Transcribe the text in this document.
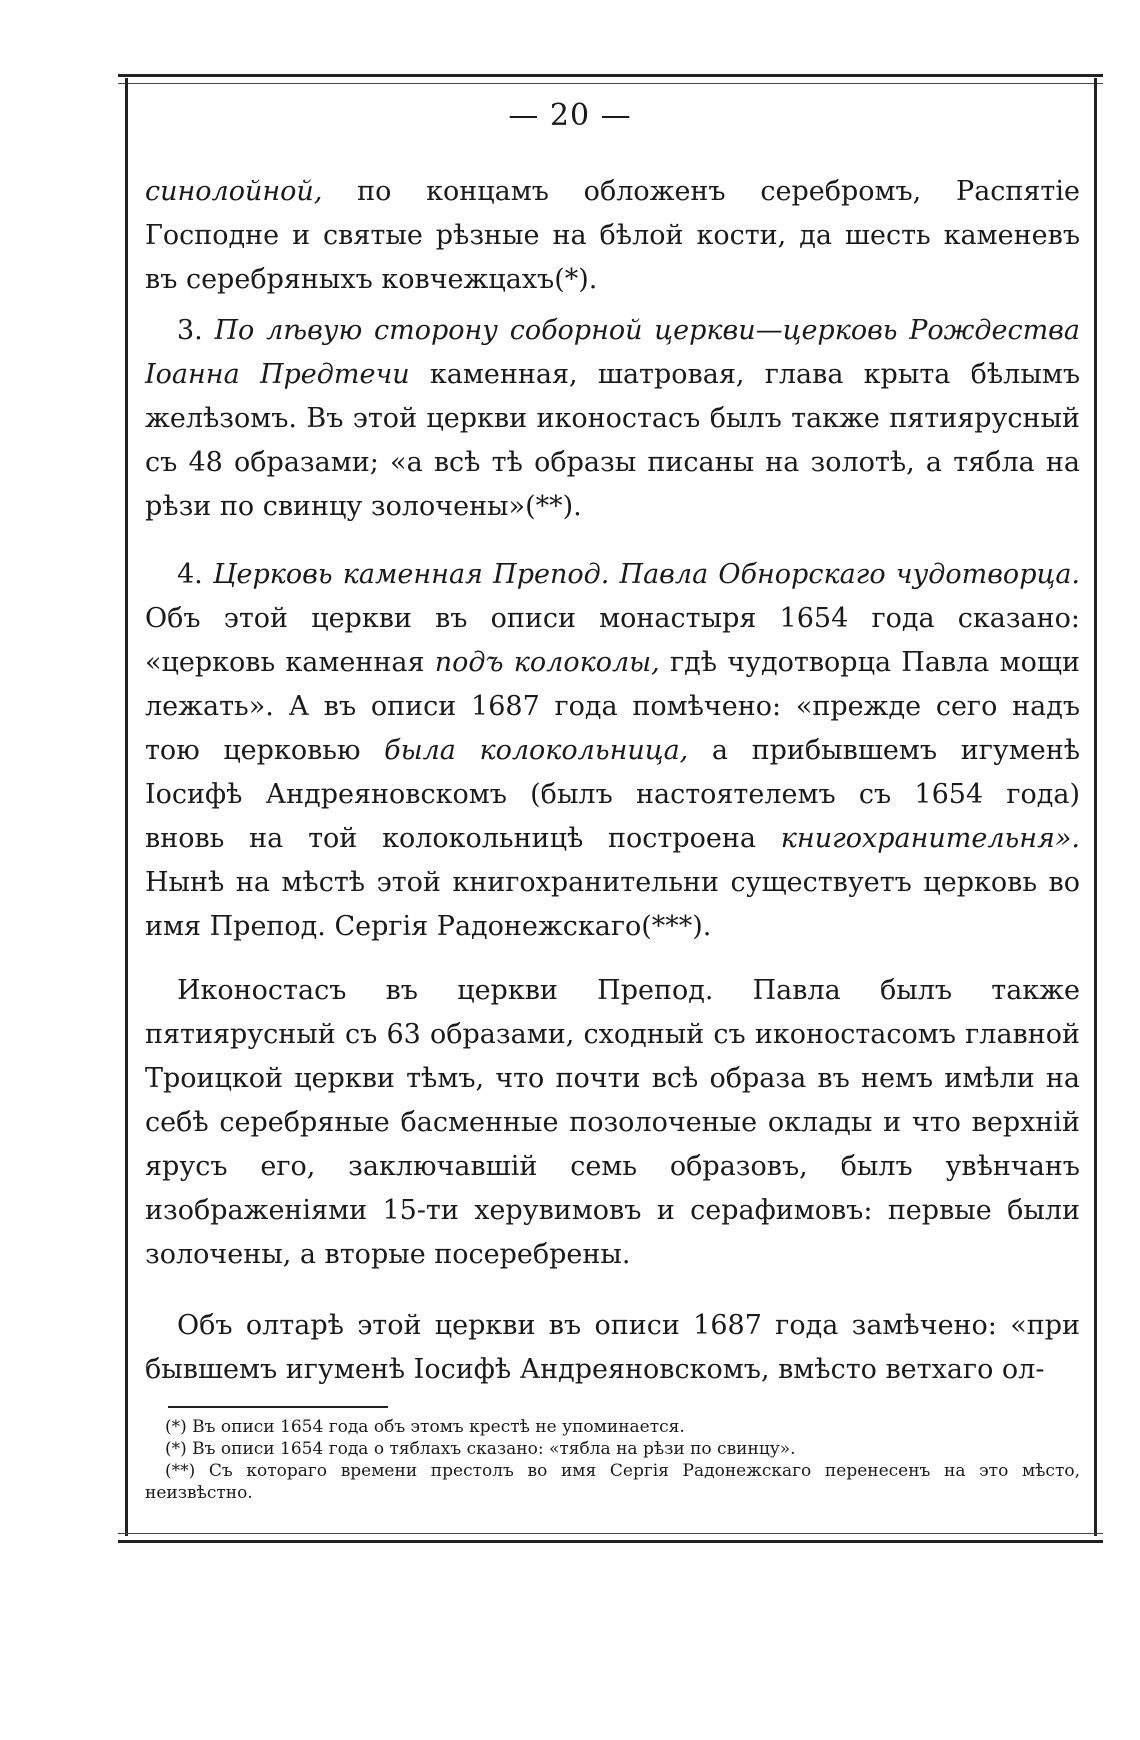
— 20 —

синолойной, по концамъ обложенъ серебромъ, Распятіе Господне и святые рѣзные на бѣлой кости, да шесть каменевъ въ серебряныхъ ковчежцахъ(*).

3. По лѣвую сторону соборной церкви—церковь Рождества Іоанна Предтечи каменная, шатровая, глава крыта бѣлымъ желѣзомъ. Въ этой церкви иконостасъ былъ также пятиярусный съ 48 образами; «а всѣ тѣ образы писаны на золотѣ, а тябла на рѣзи по свинцу золочены»(**).

4. Церковь каменная Препод. Павла Обнорскаго чудотворца. Объ этой церкви въ описи монастыря 1654 года сказано: «церковь каменная подъ колоколы, гдѣ чудотворца Павла мощи лежать». А въ описи 1687 года помѣчено: «прежде сего надъ тою церковью была колокольница, а прибывшемъ игуменѣ Іосифѣ Андреяновскомъ (былъ настоятелемъ съ 1654 года) вновь на той колокольницѣ построена книгохранительня». Нынѣ на мѣстѣ этой книгохранительни существуетъ церковь во имя Препод. Сергія Радонежскаго(***).

Иконостасъ въ церкви Препод. Павла былъ также пятиярусный съ 63 образами, сходный съ иконостасомъ главной Троицкой церкви тѣмъ, что почти всѣ образа въ немъ имѣли на себѣ серебряные басменные позолоченые оклады и что верхній ярусъ его, заключавшій семь образовъ, былъ увѣнчанъ изображеніями 15-ти херувимовъ и серафимовъ: первые были золочены, а вторые посеребрены.

Объ олтарѣ этой церкви въ описи 1687 года замѣчено: «при бывшемъ игуменѣ Іосифѣ Андреяновскомъ, вмѣсто ветхаго ол-

(*) Въ описи 1654 года объ этомъ крестѣ не упоминается.

(*) Въ описи 1654 года о тяблахъ сказано: «тябла на рѣзи по свинцу».

(**) Съ котораго времени престолъ во имя Сергія Радонежскаго перенесенъ на это мѣсто, неизвѣстно.
